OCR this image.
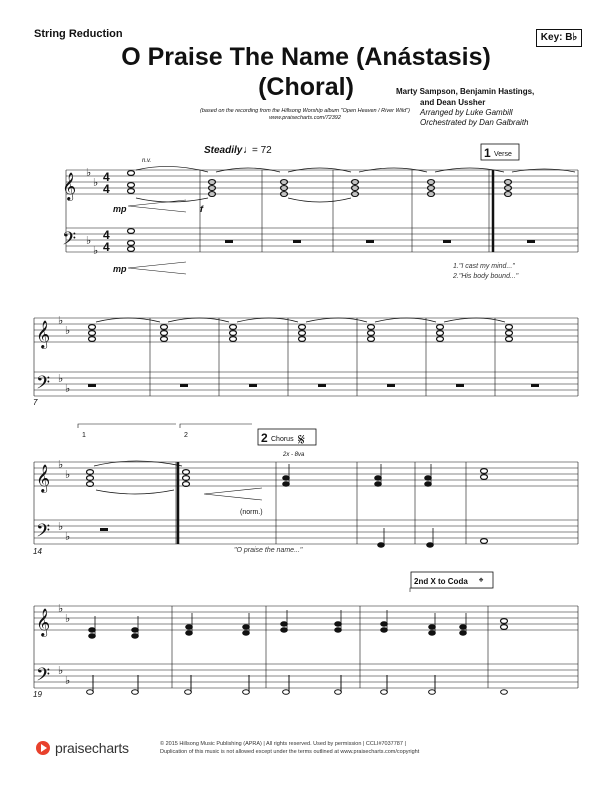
String Reduction
O Praise The Name (Anástasis)
(Choral)
Key: B♭
Marty Sampson, Benjamin Hastings,
and Dean Ussher
Arranged by Luke Gambill
Orchestrated by Dan Galbraith
(based on the recording from the Hillsong Worship album "Open Heaven / River Wild")
www.praisecharts.com/72392
𝄞
𝄢
𝄞
𝄢
𝄞
𝄢
𝄞
𝄢
♭
♭
♭
♭
♭
♭
♭
♭
♭
♭
♭
♭
♭
♭
♭
♭
4
4
4
4
Steadily = 72
♩
n.v.
mp
mp
f
1 Verse
1."I cast my mind..."
2."His body bound..."
7
14
19
1	2	2 Chorus 𝄋
2x - 8va
(norm.)
"O praise the name..."
2nd X to Coda 𝄌
praisecharts	© 2015 Hillsong Music Publishing (APRA) | All rights reserved. Used by permission | CCLI#7037787 |
Duplication of this music is not allowed except under the terms outlined at www.praisecharts.com/copyright
